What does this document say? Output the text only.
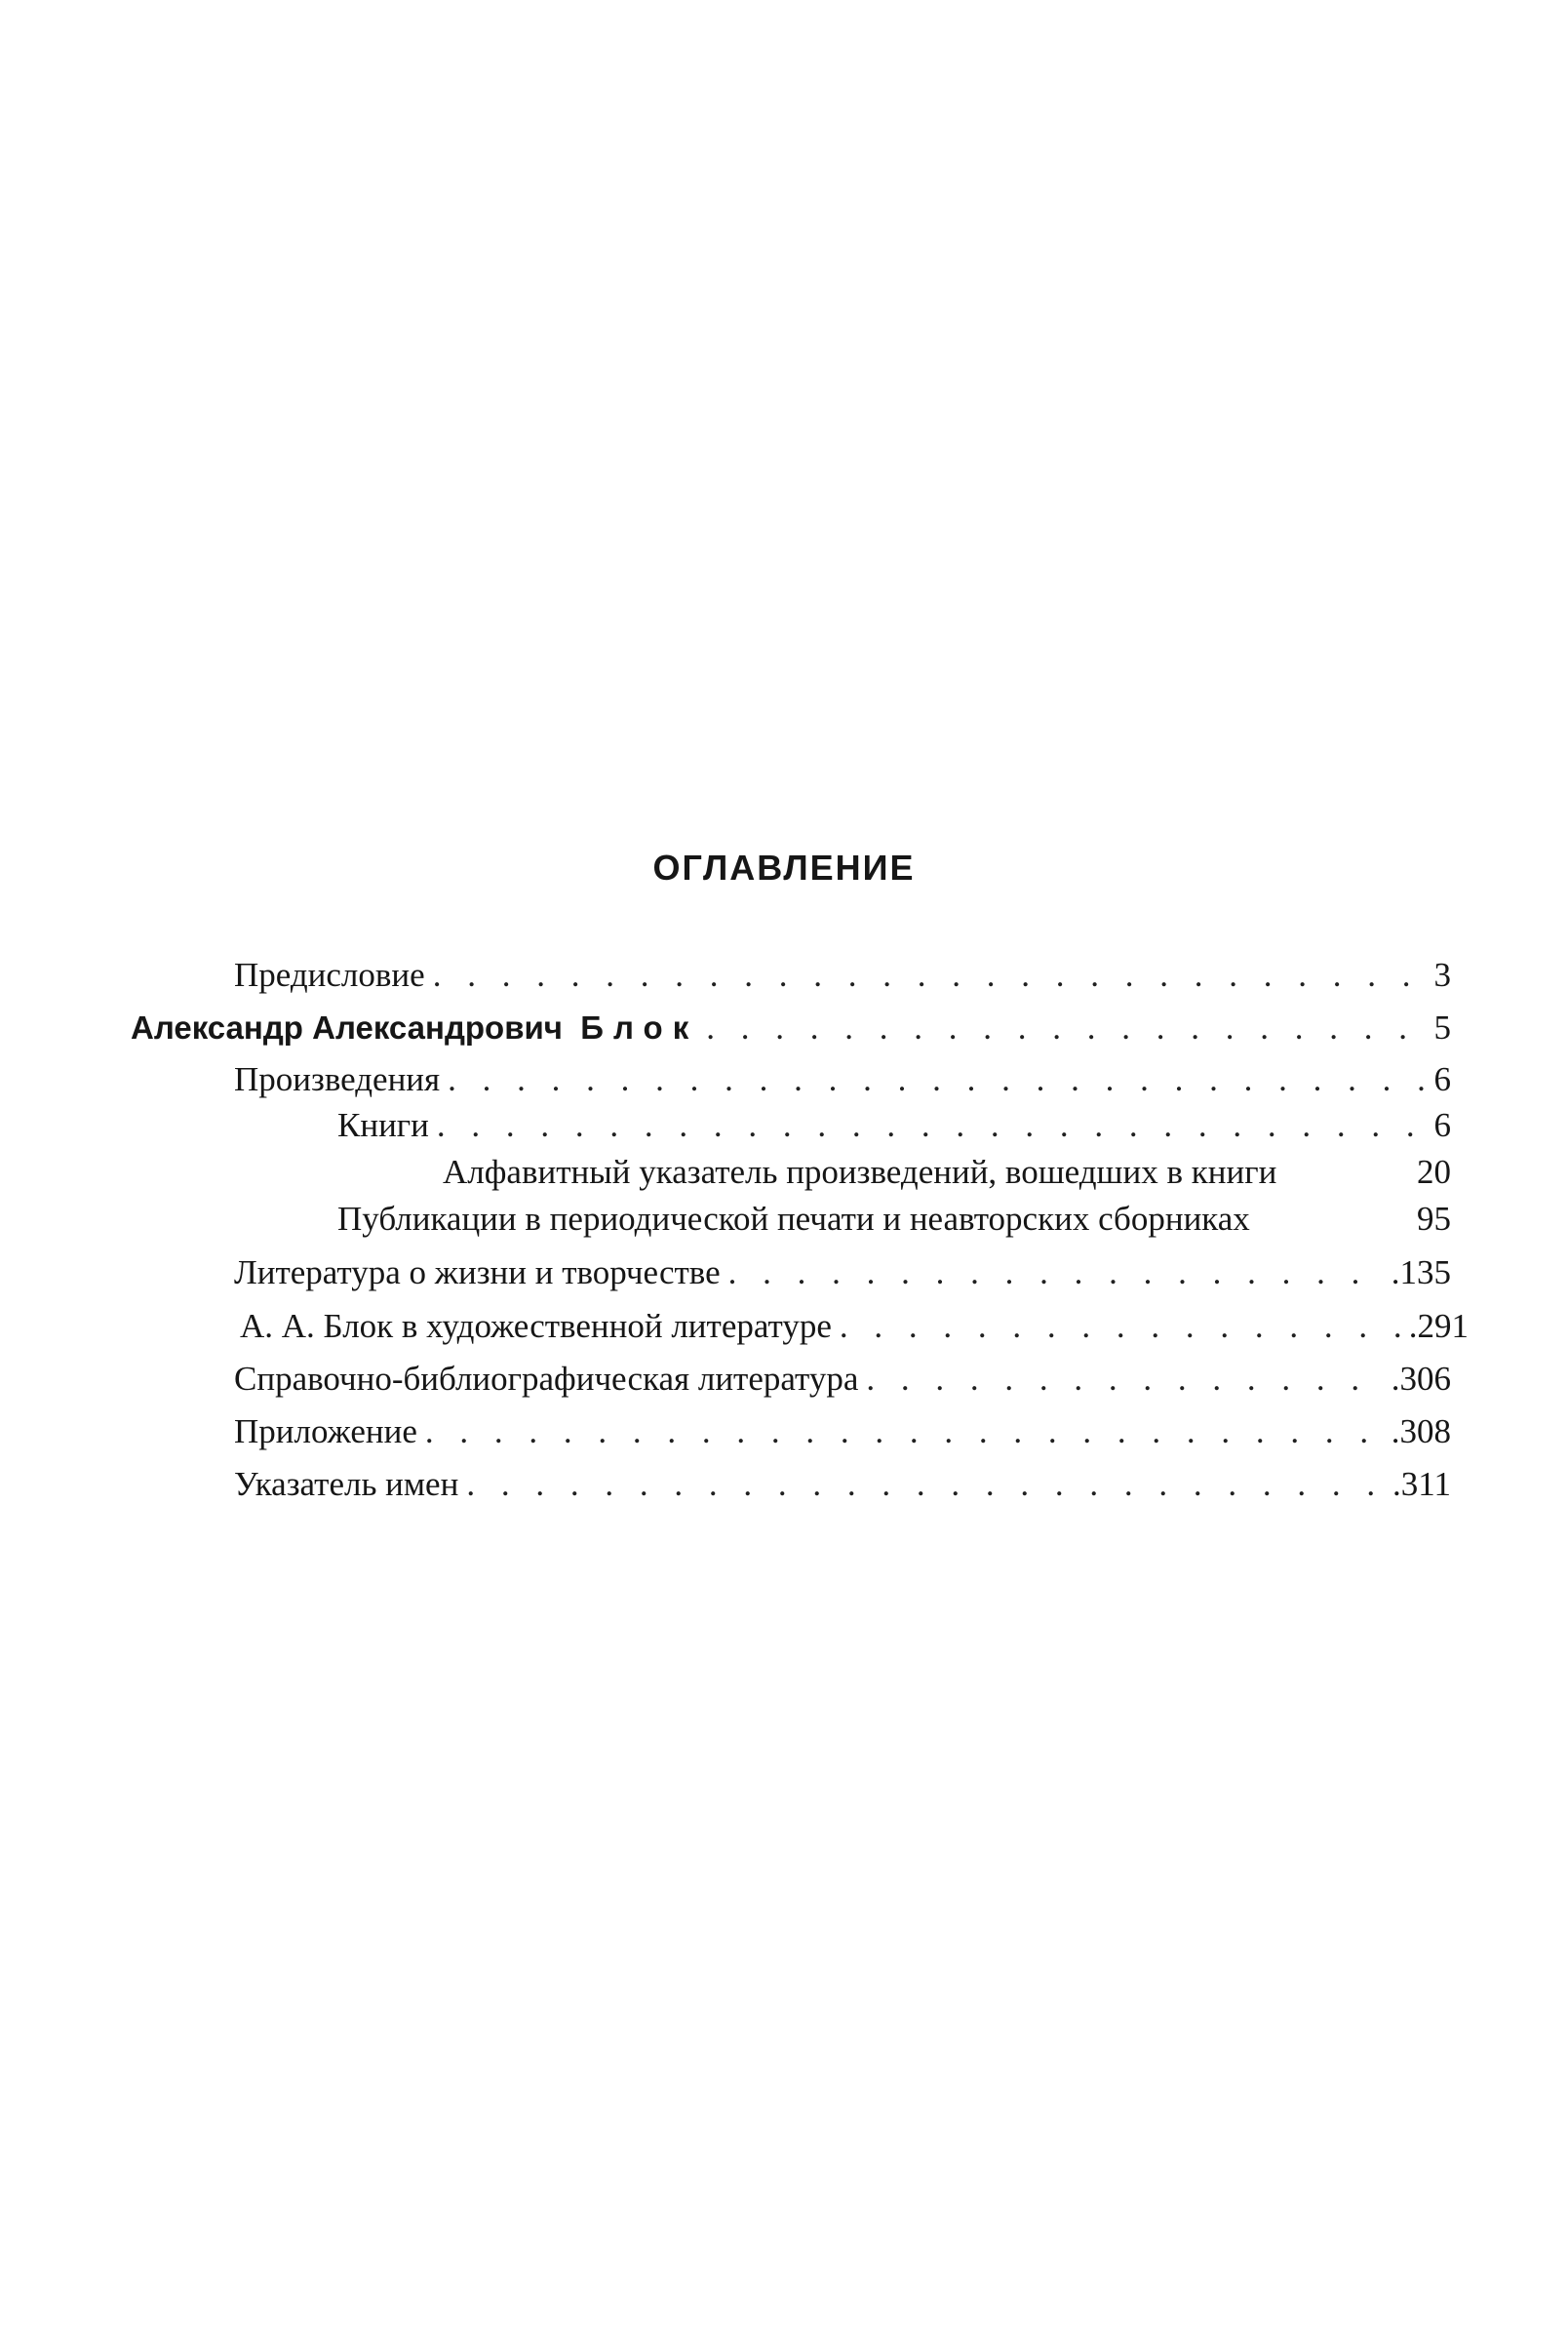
ОГЛАВЛЕНИЕ
Предисловие . . .	3
Александр Александрович Блок . . .	5
Произведения . . .	6
Книги . . .	6
Алфавитный указатель произведений, вошедших в книги	20
Публикации в периодической печати и неавторских сборниках	95
Литература о жизни и творчестве . . .	.135
А. А. Блок в художественной литературе . . .	.291
Справочно-библиографическая литература . . .	.306
Приложение . . .	.308
Указатель имен . . .	.311
